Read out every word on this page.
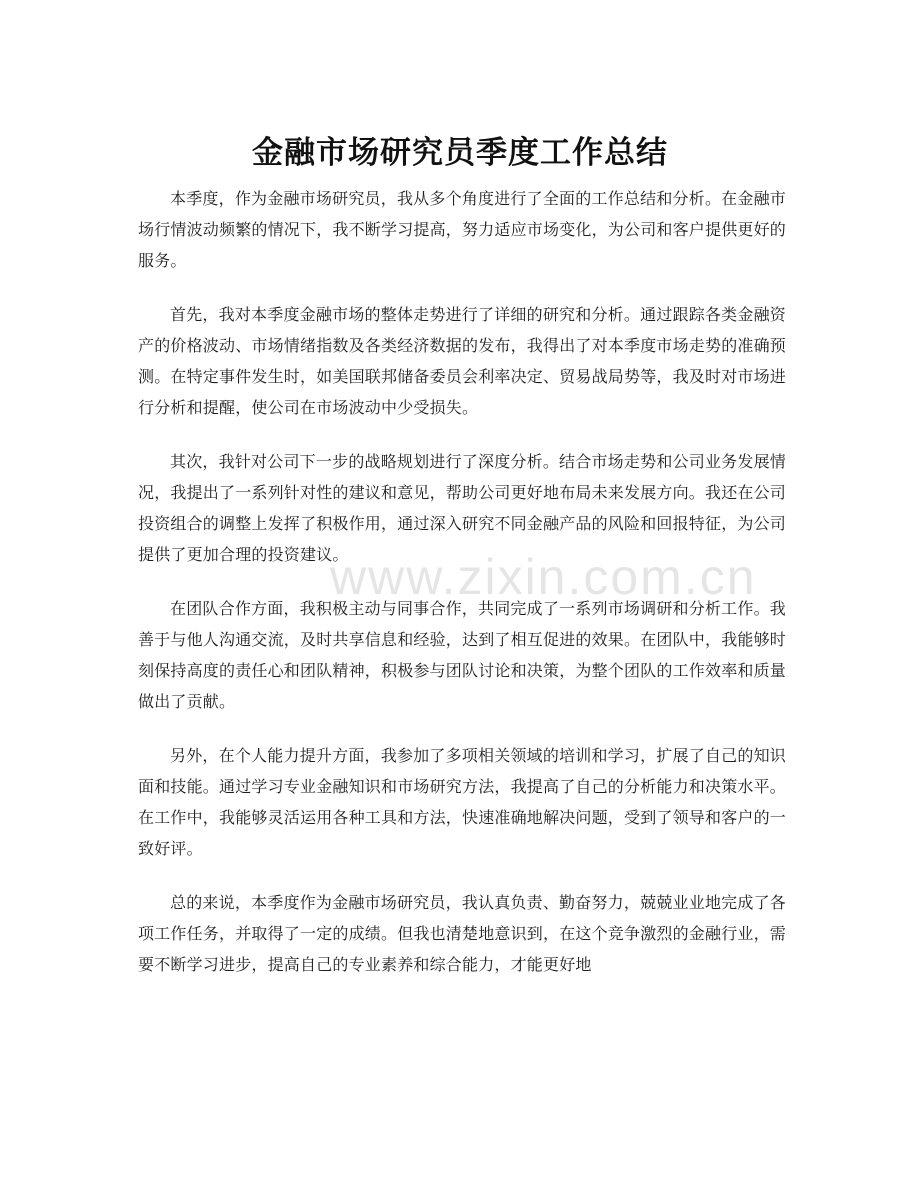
金融市场研究员季度工作总结

本季度，作为金融市场研究员，我从多个角度进行了全面的工作总结和分析。在金融市场行情波动频繁的情况下，我不断学习提高，努力适应市场变化，为公司和客户提供更好的服务。

首先，我对本季度金融市场的整体走势进行了详细的研究和分析。通过跟踪各类金融资产的价格波动、市场情绪指数及各类经济数据的发布，我得出了对本季度市场走势的准确预测。在特定事件发生时，如美国联邦储备委员会利率决定、贸易战局势等，我及时对市场进行分析和提醒，使公司在市场波动中少受损失。

其次，我针对公司下一步的战略规划进行了深度分析。结合市场走势和公司业务发展情况，我提出了一系列针对性的建议和意见，帮助公司更好地布局未来发展方向。我还在公司投资组合的调整上发挥了积极作用，通过深入研究不同金融产品的风险和回报特征，为公司提供了更加合理的投资建议。

在团队合作方面，我积极主动与同事合作，共同完成了一系列市场调研和分析工作。我善于与他人沟通交流，及时共享信息和经验，达到了相互促进的效果。在团队中，我能够时刻保持高度的责任心和团队精神，积极参与团队讨论和决策，为整个团队的工作效率和质量做出了贡献。

另外，在个人能力提升方面，我参加了多项相关领域的培训和学习，扩展了自己的知识面和技能。通过学习专业金融知识和市场研究方法，我提高了自己的分析能力和决策水平。在工作中，我能够灵活运用各种工具和方法，快速准确地解决问题，受到了领导和客户的一致好评。

总的来说，本季度作为金融市场研究员，我认真负责、勤奋努力，兢兢业业地完成了各项工作任务，并取得了一定的成绩。但我也清楚地意识到，在这个竞争激烈的金融行业，需要不断学习进步，提高自己的专业素养和综合能力，才能更好地

www.zixin.com.cn
